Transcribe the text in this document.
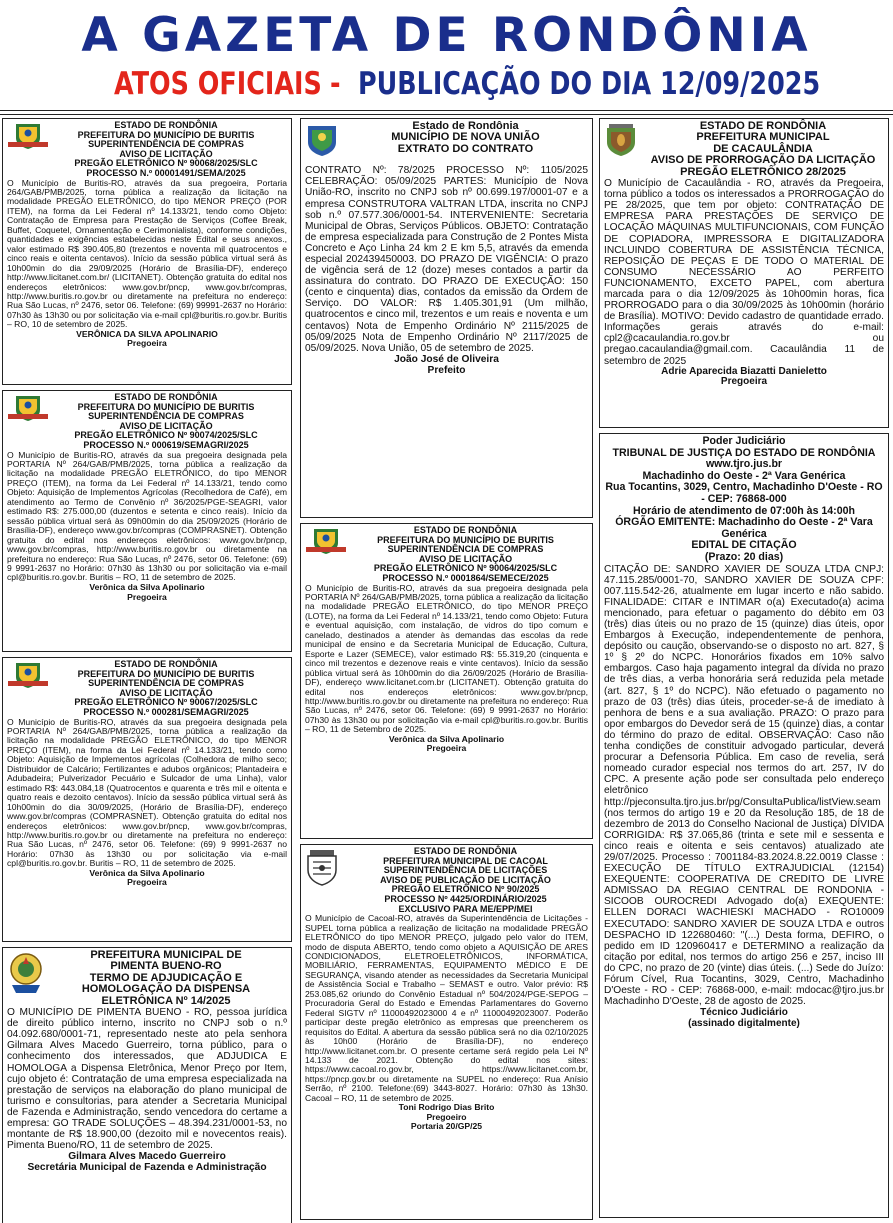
A GAZETA DE RONDÔNIA
ATOS OFICIAIS - PUBLICAÇÃO DO DIA 12/09/2025
ESTADO DE RONDÔNIA
PREFEITURA DO MUNICÍPIO DE BURITIS
SUPERINTENDÊNCIA DE COMPRAS
AVISO DE LICITAÇÃO
PREGÃO ELETRÔNICO Nº 90068/2025/SLC
PROCESSO N.º 00001491/SEMA/2025

O Município de Buritis-RO, através da sua pregoeira, Portaria 264/GAB/PMB/2025, torna pública a realização da licitação na modalidade PREGÃO ELETRÔNICO, do tipo MENOR PREÇO (POR ITEM), na forma da Lei Federal nº 14.133/21, tendo como Objeto: Contratação de Empresa para Prestação de Serviços (Coffee Break, Buffet, Coquetel, Ornamentação e Cerimonialista), conforme condições, quantidades e exigências estabelecidas neste Edital e seus anexos., valor estimado R$ 390.405,80 (trezentos e noventa mil quatrocentos e cinco reais e oitenta centavos). Início da sessão pública virtual será às 10h00min do dia 29/09/2025 (Horário de Brasília-DF), endereço http://www.licitanet.com.br/ (LICITANET). Obtenção gratuita do edital nos endereços eletrônicos: www.gov.br/pncp, www.gov.br/compras, http://www.buritis.ro.gov.br ou diretamente na prefeitura no endereço: Rua São Lucas, nº 2476, setor 06. Telefone: (69) 99991-2637 no Horário: 07h30 às 13h30 ou por solicitação via e-mail cpl@buritis.ro.gov.br. Buritis – RO, 10 de setembro de 2025.

VERÔNICA DA SILVA APOLINARIO
Pregoeira
ESTADO DE RONDÔNIA
PREFEITURA DO MUNICÍPIO DE BURITIS
SUPERINTENDÊNCIA DE COMPRAS
AVISO DE LICITAÇÃO
PREGÃO ELETRÔNICO Nº 90074/2025/SLC
PROCESSO N.º 000619/SEMAGRI/2025

O Município de Buritis-RO, através da sua pregoeira designada pela PORTARIA Nº 264/GAB/PMB/2025, torna pública a realização da licitação na modalidade PREGÃO ELETRÔNICO, do tipo MENOR PREÇO (ITEM), na forma da Lei Federal nº 14.133/21, tendo como Objeto: Aquisição de Implementos Agrícolas (Recolhedora de Café), em atendimento ao Termo de Convênio nº 36/2025/PGE-SEAGRI, valor estimado R$: 275.000,00 (duzentos e setenta e cinco reais). Início da sessão pública virtual será às 09h00min do dia 25/09/2025 (Horário de Brasília-DF), endereço www.gov.br/compras (COMPRASNET). Obtenção gratuita do edital nos endereços eletrônicos: www.gov.br/pncp, www.gov.br/compras, http://www.buritis.ro.gov.br ou diretamente na prefeitura no endereço: Rua São Lucas, nº 2476, setor 06. Telefone: (69) 9 9991-2637 no Horário: 07h30 às 13h30 ou por solicitação via e-mail cpl@buritis.ro.gov.br. Buritis – RO, 11 de setembro de 2025.

Verônica da Silva Apolinario
Pregoeira
ESTADO DE RONDÔNIA
PREFEITURA DO MUNICÍPIO DE BURITIS
SUPERINTENDÊNCIA DE COMPRAS
AVISO DE LICITAÇÃO
PREGÃO ELETRÔNICO Nº 90067/2025/SLC
PROCESSO N.º 000281/SEMAGRI/2025

O Município de Buritis-RO, através da sua pregoeira designada pela PORTARIA Nº 264/GAB/PMB/2025, torna pública a realização da licitação na modalidade PREGÃO ELETRÔNICO, do tipo MENOR PREÇO (ITEM), na forma da Lei Federal nº 14.133/21, tendo como Objeto: Aquisição de Implementos agrícolas (Colhedora de milho seco; Distribuidor de Calcário; Fertilizantes e adubos orgânicos; Plantadeira e Adubadeira; Pulverizador Pecuário e Sulcador de uma Linha), valor estimado R$: 443.084,18 (Quatrocentos e quarenta e três mil e oitenta e quatro reais e dezoito centavos). Início da sessão pública virtual será às 10h00min do dia 30/09/2025, (Horário de Brasília-DF), endereço www.gov.br/compras (COMPRASNET). Obtenção gratuita do edital nos endereços eletrônicos: www.gov.br/pncp, www.gov.br/compras, http://www.buritis.ro.gov.br ou diretamente na prefeitura no endereço: Rua São Lucas, nº 2476, setor 06. Telefone: (69) 9 9991-2637 no Horário: 07h30 às 13h30 ou por solicitação via e-mail cpl@buritis.ro.gov.br. Buritis – RO, 11 de setembro de 2025.

Verônica da Silva Apolinario
Pregoeira
PREFEITURA MUNICIPAL DE
PIMENTA BUENO-RO
TERMO DE ADJUDICAÇÃO E
HOMOLOGAÇÃO DA DISPENSA
ELETRÔNICA Nº 14/2025

O MUNICÍPIO DE PIMENTA BUENO - RO, pessoa jurídica de direito público interno, inscrito no CNPJ sob o n.º 04.092.680/0001-71, representado neste ato pela senhora Gilmara Alves Macedo Guerreiro, torna público, para o conhecimento dos interessados, que ADJUDICA E HOMOLOGA a Dispensa Eletrônica, Menor Preço por Item, cujo objeto é: Contratação de uma empresa especializada na prestação de serviços na elaboração do plano municipal de turismo e consultorias, para atender a Secretaria Municipal de Fazenda e Administração, sendo vencedora do certame a empresa: GO TRADE SOLUÇÕES – 48.394.231/0001-53, no montante de R$ 18.900,00 (dezoito mil e novecentos reais). Pimenta Bueno/RO, 11 de setembro de 2025.

Gilmara Alves Macedo Guerreiro
Secretária Municipal de Fazenda e Administração
Estado de Rondônia
MUNICÍPIO DE NOVA UNIÃO
EXTRATO DO CONTRATO

CONTRATO Nº: 78/2025 PROCESSO Nº: 1105/2025 CELEBRAÇÃO: 05/09/2025 PARTES: Município de Nova União-RO, inscrito no CNPJ sob nº 00.699.197/0001-07 e a empresa CONSTRUTORA VALTRAN LTDA, inscrita no CNPJ sob n.º 07.577.306/0001-54. INTERVENIENTE: Secretaria Municipal de Obras, Serviços Públicos. OBJETO: Contratação de empresa especializada para Construção de 2 Pontes Mista Concreto e Aço Linha 24 km 2 E km 5,5, através da emenda especial 202439450003. DO PRAZO DE VIGÊNCIA: O prazo de vigência será de 12 (doze) meses contados a partir da assinatura do contrato. DO PRAZO DE EXECUÇÃO: 150 (cento e cinquenta) dias, contados da emissão da Ordem de Serviço. DO VALOR: R$ 1.405.301,91 (Um milhão, quatrocentos e cinco mil, trezentos e um reais e noventa e um centavos) Nota de Empenho Ordinário Nº 2115/2025 de 05/09/2025 Nota de Empenho Ordinário Nº 2117/2025 de 05/09/2025. Nova União, 05 de setembro de 2025.

João José de Oliveira
Prefeito
ESTADO DE RONDÔNIA
PREFEITURA DO MUNICÍPIO DE BURITIS
SUPERINTENDÊNCIA DE COMPRAS
AVISO DE LICITAÇÃO
PREGÃO ELETRÔNICO Nº 90064/2025/SLC
PROCESSO N.º 0001864/SEMECE/2025

O Município de Buritis-RO, através da sua pregoeira designada pela PORTARIA Nº 264/GAB/PMB/2025, torna pública a realização da licitação na modalidade PREGÃO ELETRÔNICO, do tipo MENOR PREÇO (LOTE), na forma da Lei Federal nº 14.133/21, tendo como Objeto: Futura e eventual aquisição, com instalação, de vidros do tipo comum e canelado, destinados a atender às demandas das escolas da rede municipal de ensino e da Secretaria Municipal de Educação, Cultura, Esporte e Lazer (SEMECE), valor estimado R$: 55.319,20 (cinquenta e cinco mil trezentos e dezenove reais e vinte centavos). Início da sessão pública virtual será às 10h00min do dia 26/09/2025 (Horário de Brasília-DF), endereço www.licitanet.com.br (LICITANET). Obtenção gratuita do edital nos endereços eletrônicos: www.gov.br/pncp, http://www.buritis.ro.gov.br ou diretamente na prefeitura no endereço: Rua São Lucas, nº 2476, setor 06. Telefone: (69) 9 9991-2637 no Horário: 07h30 às 13h30 ou por solicitação via e-mail cpl@buritis.ro.gov.br. Buritis – RO, 11 de Setembro de 2025.

Verônica da Silva Apolinario
Pregoeira
ESTADO DE RONDÔNIA
PREFEITURA MUNICIPAL DE CACOAL
SUPERINTENDÊNCIA DE LICITAÇÕES
AVISO DE PUBLICAÇÃO DE LICITAÇÃO
PREGÃO ELETRÔNICO Nº 90/2025
PROCESSO Nº 4425/ORDINÁRIO/2025
EXCLUSIVO PARA ME/EPP/MEI

O Município de Cacoal-RO, através da Superintendência de Licitações - SUPEL torna pública a realização de licitação na modalidade PREGÃO ELETRÔNICO do tipo MENOR PREÇO, julgado pelo valor do ITEM, modo de disputa ABERTO, tendo como objeto a AQUISIÇÃO DE ARES CONDICIONADOS, ELETROELETRÔNICOS, INFORMÁTICA, MOBILIÁRIO, FERRAMENTAS, EQUIPAMENTO MÉDICO E DE SEGURANÇA, visando atender as necessidades da Secretaria Municipal de Assistência Social e Trabalho – SEMAST e outro. Valor prévio: R$ 253.085,62 oriundo do Convênio Estadual nº 504/2024/PGE-SEPOG – Procuradoria Geral do Estado e Emendas Parlamentares do Governo Federal SIGTV nº 11000492023000 4 e nº 11000492023007. Poderão participar deste pregão eletrônico as empresas que preencherem os requisitos do Edital. A abertura da sessão pública será no dia 02/10/2025 às 10h00 (Horário de Brasília-DF), no endereço http://www.licitanet.com.br. O presente certame será regido pela Lei Nº 14.133 de 2021. Obtenção do edital nos sites: https://www.cacoal.ro.gov.br, https://www.licitanet.com.br, https://pncp.gov.br ou diretamente na SUPEL no endereço: Rua Anísio Serrão, nº 2100. Telefone:(69) 3443-8027. Horário: 07h30 às 13h30. Cacoal – RO, 11 de setembro de 2025.

Toni Rodrigo Dias Brito
Pregoeiro
Portaria 20/GP/25
ESTADO DE RONDÔNIA
PREFEITURA MUNICIPAL
DE CACAULÂNDIA
AVISO DE PRORROGAÇÃO DA LICITAÇÃO
PREGÃO ELETRÔNICO 28/2025

O Município de Cacaulândia - RO, através da Pregoeira, torna público a todos os interessados a PRORROGAÇÃO do PE 28/2025, que tem por objeto: CONTRATAÇÃO DE EMPRESA PARA PRESTAÇÕES DE SERVIÇO DE LOCAÇÃO MÁQUINAS MULTIFUNCIONAIS, COM FUNÇÃO DE COPIADORA, IMPRESSORA E DIGITALIZADORA INCLUINDO COBERTURA DE ASSISTÊNCIA TÉCNICA, REPOSIÇÃO DE PEÇAS E DE TODO O MATERIAL DE CONSUMO NECESSÁRIO AO PERFEITO FUNCIONAMENTO, EXCETO PAPEL, com abertura marcada para o dia 12/09/2025 às 10h00min horas, fica PRORROGADO para o dia 30/09/2025 às 10h00min (horário de Brasília). MOTIVO: Devido cadastro de quantidade errado. Informações gerais através do e-mail: cpl2@cacaulandia.ro.gov.br ou pregao.cacaulandia@gmail.com. Cacaulândia 11 de setembro de 2025

Adrie Aparecida Biazatti Danieletto
Pregoeira
Poder Judiciário
TRIBUNAL DE JUSTIÇA DO ESTADO DE RONDÔNIA
www.tjro.jus.br
Machadinho do Oeste - 2ª Vara Genérica
Rua Tocantins, 3029, Centro, Machadinho D'Oeste - RO - CEP: 76868-000
Horário de atendimento de 07:00h às 14:00h
ÓRGÃO EMITENTE: Machadinho do Oeste - 2ª Vara Genérica
EDITAL DE CITAÇÃO
(Prazo: 20 dias)

CITAÇÃO DE: SANDRO XAVIER DE SOUZA LTDA CNPJ: 47.115.285/0001-70, SANDRO XAVIER DE SOUZA CPF: 007.115.542-26, atualmente em lugar incerto e não sabido. FINALIDADE: CITAR e INTIMAR o(a) Executado(a) acima mencionado, para efetuar o pagamento do débito em 03 (três) dias úteis ou no prazo de 15 (quinze) dias úteis, opor Embargos à Execução, independentemente de penhora, depósito ou caução, observando-se o disposto no art. 827, § 1º § 2º do NCPC. Honorários fixados em 10% salvo embargos. Caso haja pagamento integral da dívida no prazo de três dias, a verba honorária será reduzida pela metade (art. 827, § 1º do NCPC). Não efetuado o pagamento no prazo de 03 (três) dias úteis, proceder-se-á de imediato à penhora de bens e a sua avaliação. PRAZO: O prazo para opor embargos do Devedor será de 15 (quinze) dias, a contar do término do prazo de edital. OBSERVAÇÃO: Caso não tenha condições de constituir advogado particular, deverá procurar a Defensoria Pública. Em caso de revelia, será nomeado curador especial nos termos do art. 257, IV do CPC. A presente ação pode ser consultada pelo endereço eletrônico http://pjeconsulta.tjro.jus.br/pg/ConsultaPublica/listView.seam (nos termos do artigo 19 e 20 da Resolução 185, de 18 de dezembro de 2013 do Conselho Nacional de Justiça) DÍVIDA CORRIGIDA: R$ 37.065,86 (trinta e sete mil e sessenta e cinco reais e oitenta e seis centavos) atualizado ate 29/07/2025. Processo : 7001184-83.2024.8.22.0019 Classe : EXECUÇÃO DE TÍTULO EXTRAJUDICIAL (12154) EXEQUENTE: COOPERATIVA DE CREDITO DE LIVRE ADMISSAO DA REGIAO CENTRAL DE RONDONIA - SICOOB OUROCREDI Advogado do(a) EXEQUENTE: ELLEN DORACI WACHIESKI MACHADO - RO10009 EXECUTADO: SANDRO XAVIER DE SOUZA LTDA e outros DESPACHO ID 122680460: "(...) Desta forma, DEFIRO, o pedido em ID 120960417 e DETERMINO a realização da citação por edital, nos termos do artigo 256 e 257, inciso III do CPC, no prazo de 20 (vinte) dias úteis. (...) Sede do Juízo: Fórum Cível, Rua Tocantins, 3029, Centro, Machadinho D'Oeste - RO - CEP: 76868-000, e-mail: mdocac@tjro.jus.br Machadinho D'Oeste, 28 de agosto de 2025.

Técnico Judiciário
(assinado digitalmente)
